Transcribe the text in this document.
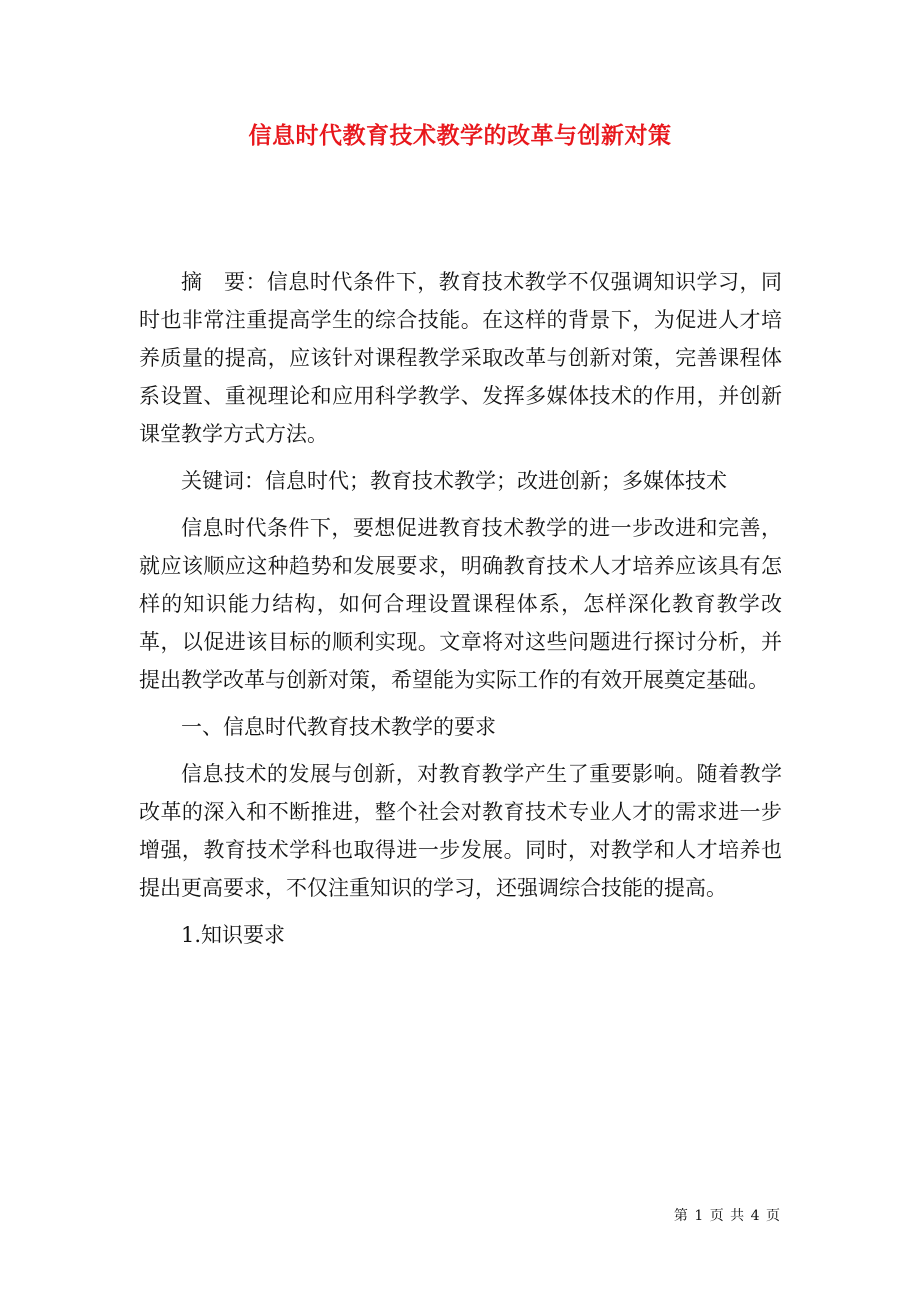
信息时代教育技术教学的改革与创新对策

摘　要：信息时代条件下，教育技术教学不仅强调知识学习，同时也非常注重提高学生的综合技能。在这样的背景下，为促进人才培养质量的提高，应该针对课程教学采取改革与创新对策，完善课程体系设置、重视理论和应用科学教学、发挥多媒体技术的作用，并创新课堂教学方式方法。

关键词：信息时代；教育技术教学；改进创新；多媒体技术

信息时代条件下，要想促进教育技术教学的进一步改进和完善，就应该顺应这种趋势和发展要求，明确教育技术人才培养应该具有怎样的知识能力结构，如何合理设置课程体系，怎样深化教育教学改革，以促进该目标的顺利实现。文章将对这些问题进行探讨分析，并提出教学改革与创新对策，希望能为实际工作的有效开展奠定基础。

一、信息时代教育技术教学的要求

信息技术的发展与创新，对教育教学产生了重要影响。随着教学改革的深入和不断推进，整个社会对教育技术专业人才的需求进一步增强，教育技术学科也取得进一步发展。同时，对教学和人才培养也提出更高要求，不仅注重知识的学习，还强调综合技能的提高。

1.知识要求

第 1 页 共 4 页
